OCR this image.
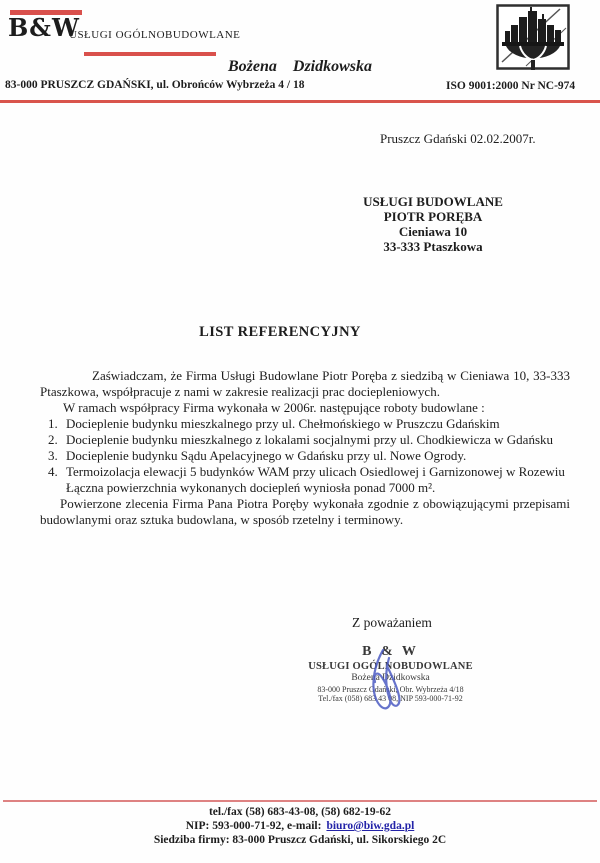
B&W
USŁUGI OGÓLNOBUDOWLANE
Bożena Dzidkowska
83-000 PRUSZCZ GDAŃSKI, ul. Obrońców Wybrzeża 4 / 18	ISO 9001:2000 Nr NC-974
Pruszcz Gdański 02.02.2007r.
USŁUGI BUDOWLANE
PIOTR PORĘBA
Cieniawa 10
33-333 Ptaszkowa
LIST REFERENCYJNY

Zaświadczam, że Firma Usługi Budowlane Piotr Poręba z siedzibą w Cieniawa 10, 33-333 Ptaszkowa, współpracuje z nami w zakresie realizacji prac dociepleniowych.

W ramach współpracy Firma wykonała w 2006r. następujące roboty budowlane :

1. Docieplenie budynku mieszkalnego przy ul. Chełmońskiego w Pruszczu Gdańskim
2. Docieplenie budynku mieszkalnego z lokalami socjalnymi przy ul. Chodkiewicza w Gdańsku
3. Docieplenie budynku Sądu Apelacyjnego w Gdańsku przy ul. Nowe Ogrody.
4. Termoizolacja elewacji 5 budynków WAM przy ulicach Osiedlowej i Garnizonowej w Rozewiu

Łączna powierzchnia wykonanych dociepleń wyniosła ponad 7000 m².

Powierzone zlecenia Firma Pana Piotra Poręby wykonała zgodnie z obowiązującymi przepisami budowlanymi oraz sztuka budowlana, w sposób rzetelny i terminowy.

Z poważaniem
B & W
USŁUGI OGÓLNOBUDOWLANE
Bożena Dzidkowska
83-000 Pruszcz Gdański, Obr. Wybrzeża 4/18
Tel./fax (058) 683 43 08, NIP 593-000-71-92
tel./fax (58) 683-43-08, (58) 682-19-62
NIP: 593-000-71-92, e-mail: biuro@biw.gda.pl
Siedziba firmy: 83-000 Pruszcz Gdański, ul. Sikorskiego 2C
